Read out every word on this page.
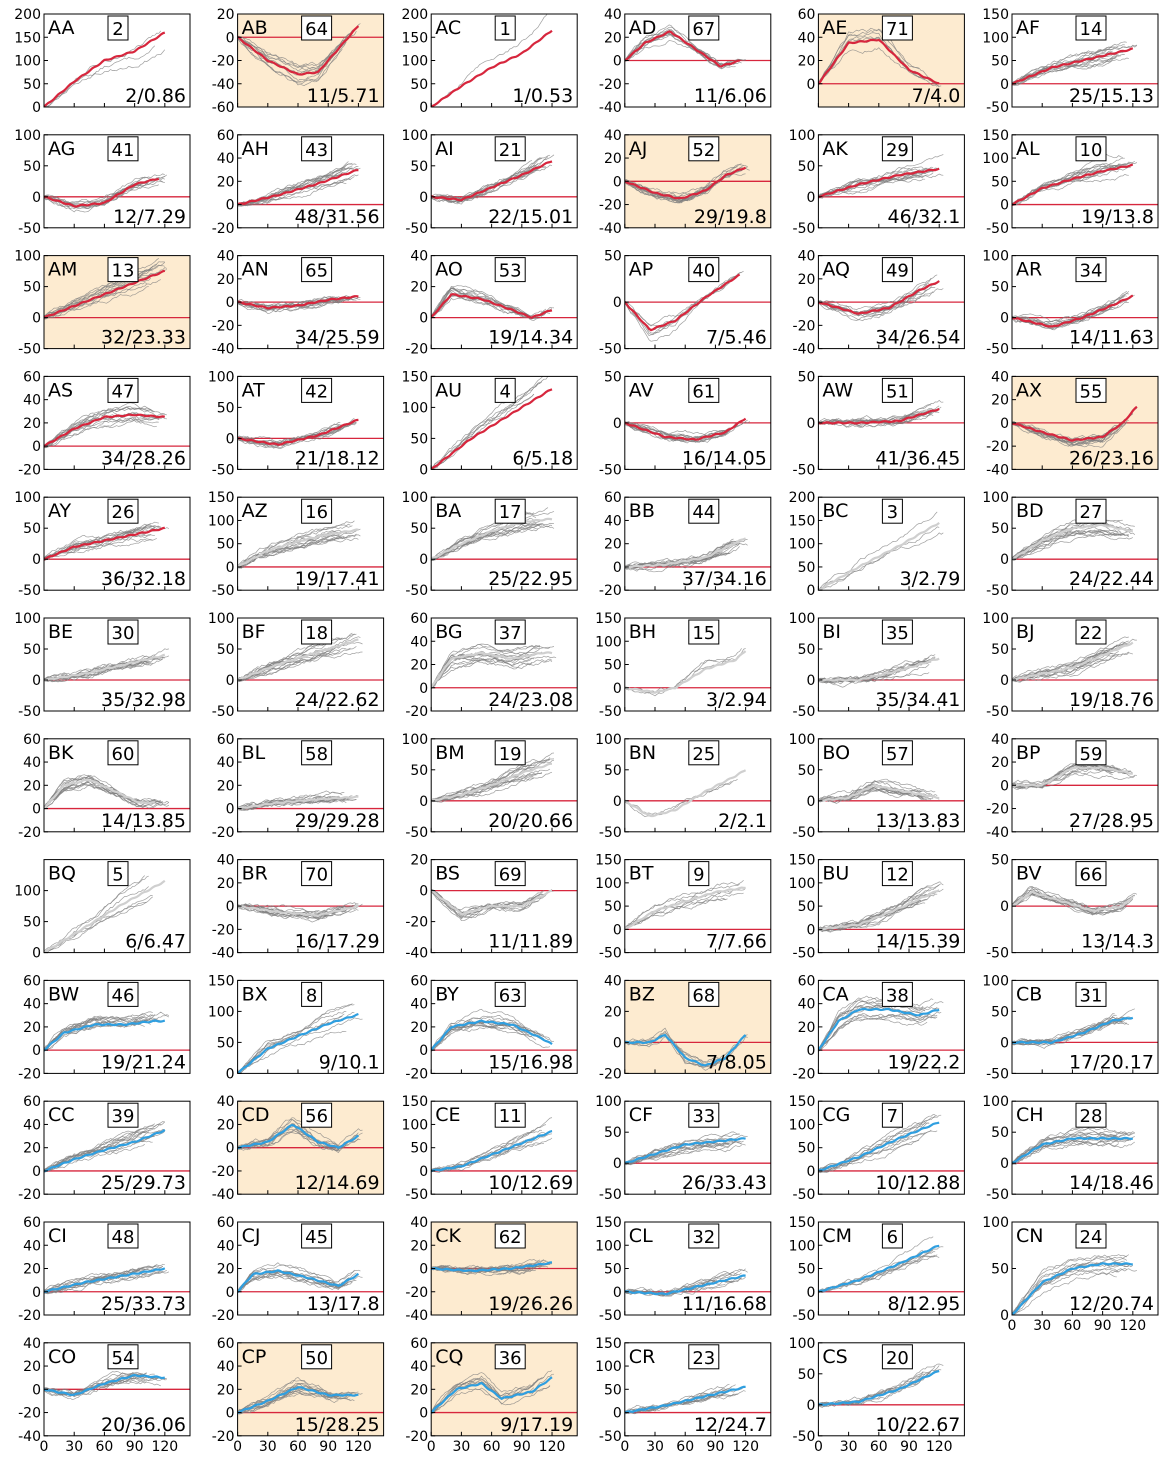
0
50
100
150
200
AA 2
2/0.86
-60
-40
-20
0
20
AB 64
11/5.71
0
50
100
150
200
AC 1
1/0.53
-40
-20
0
20
40
AD 67
11/6.06
0
20
40
60
AE 71
7/4.0
-50
0
50
100
150
AF 14
25/15.13
-50
0
50
100
AG 41
12/7.29
-20
0
20
40
60
AH 43
48/31.56
-50
0
50
100
AI 21
22/15.01
-40
-20
0
20
40
AJ 52
29/19.8
-50
0
50
100
AK 29
46/32.1
-50
0
50
100
150
AL 10
19/13.8
-50
0
50
100
AM 13
32/23.33
-40
-20
0
20
40
AN 65
34/25.59
-20
0
20
40
AO 53
19/14.34
-50
0
50
AP 40
7/5.46
-40
-20
0
20
40
AQ 49
34/26.54
-50
0
50
100
AR 34
14/11.63
-20
0
20
40
60
AS 47
34/28.26
-50
0
50
100
AT 42
21/18.12
0
50
100
150
AU 4
6/5.18
-50
0
50
AV 61
16/14.05
-50
0
50
AW 51
41/36.45
-40
-20
0
20
40
AX 55
26/23.16
-50
0
50
100
AY 26
36/32.18
-50
0
50
100
150
AZ 16
19/17.41
-50
0
50
100
BA 17
25/22.95
-20
0
20
40
60
BB 44
37/34.16
0
50
100
150
200
BC 3
3/2.79
-50
0
50
100
BD 27
24/22.44
-50
0
50
100
BE 30
35/32.98
-50
0
50
100
BF 18
24/22.62
-20
0
20
40
60
BG 37
24/23.08
-50
0
50
100
150
BH 15
3/2.94
-50
0
50
100
BI 35
35/34.41
-50
0
50
100
BJ 22
19/18.76
-20
0
20
40
60
BK 60
14/13.85
-20
0
20
40
60
BL 58
29/29.28
-50
0
50
100
BM 19
20/20.66
-50
0
50
100
BN 25
2/2.1
-50
0
50
100
BO 57
13/13.83
-40
-20
0
20
40
BP 59
27/28.95
0
50
100
BQ 5
6/6.47
-40
-20
0
20
40
BR 70
16/17.29
-40
-20
0
20
BS 69
11/11.89
-50
0
50
100
150
BT 9
7/7.66
-50
0
50
100
150
BU 12
14/15.39
-50
0
50
BV 66
13/14.3
-20
0
20
40
60
BW 46
19/21.24
0
50
100
150
BX 8
9/10.1
-20
0
20
40
60
BY 63
15/16.98
-20
0
20
40
BZ 68
7/8.05
-20
0
20
40
60
CA 38
19/22.2
-50
0
50
100
CB 31
17/20.17
-20
0
20
40
60
CC 39
25/29.73
-40
-20
0
20
40
CD 56
12/14.69
-50
0
50
100
150
CE 11
10/12.69
-50
0
50
100
CF 33
26/33.43
-50
0
50
100
150
CG 7
10/12.88
-50
0
50
100
CH 28
14/18.46
-20
0
20
40
60
CI 48
25/33.73
-20
0
20
40
60
CJ 45
13/17.8
-40
-20
0
20
40
CK 62
19/26.26
-50
0
50
100
150
CL 32
11/16.68
-50
0
50
100
150
CM 6
8/12.95
0
50
100
0 30 60 90 120
CN 24
12/20.74
-40
-20
0
20
40
0 30 60 90 120
CO 54
20/36.06
-20
0
20
40
60
0 30 60 90 120
CP 50
15/28.25
-20
0
20
40
60
0 30 60 90 120
CQ 36
9/17.19
-50
0
50
100
150
0 30 60 90 120
CR 23
12/24.7
-50
0
50
100
0 30 60 90 120
CS 20
10/22.67
